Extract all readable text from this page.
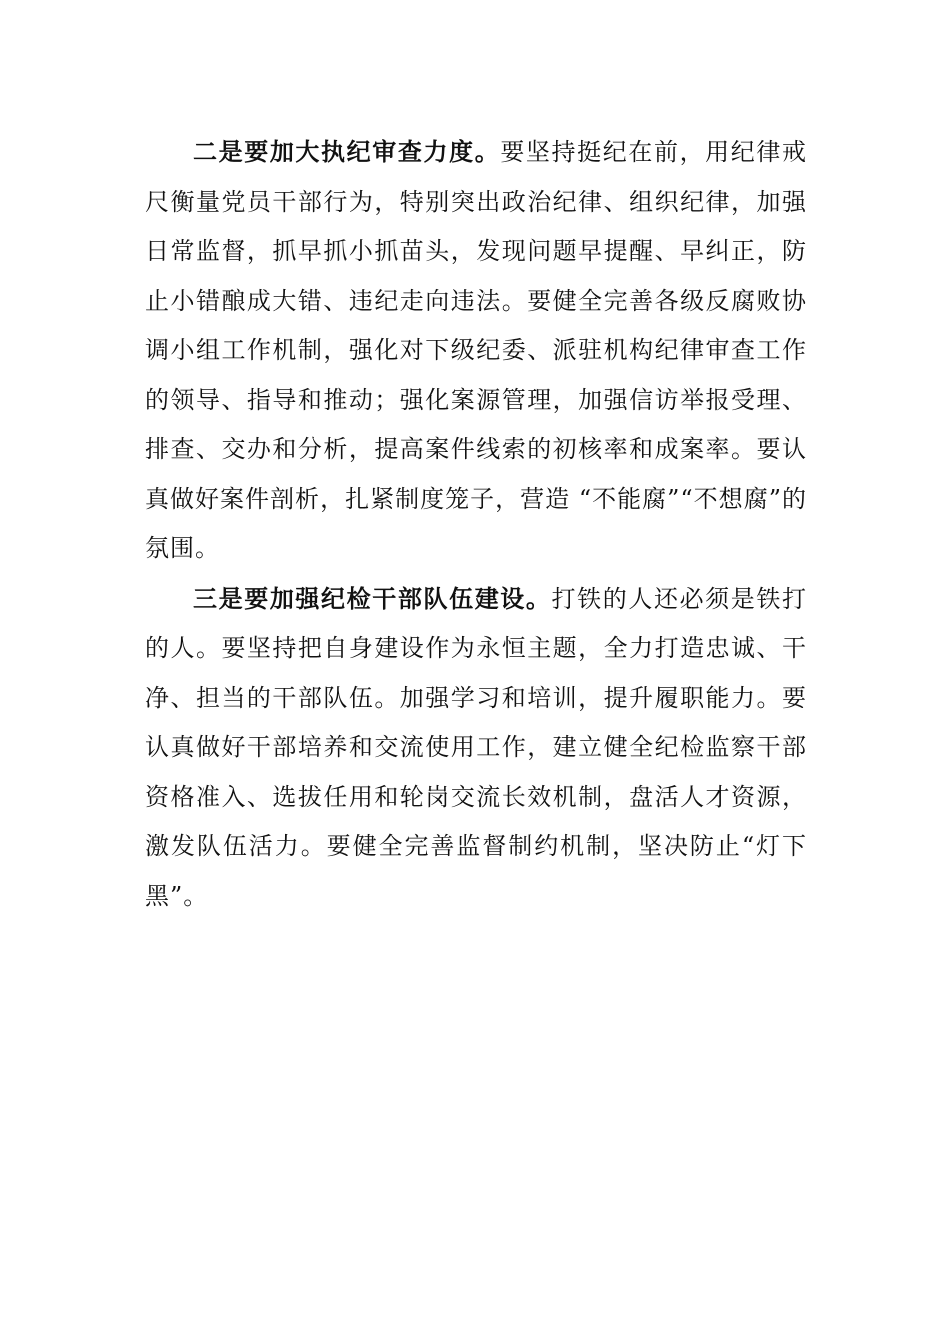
二是要加大执纪审查力度。要坚持挺纪在前，用纪律戒尺衡量党员干部行为，特别突出政治纪律、组织纪律，加强日常监督，抓早抓小抓苗头，发现问题早提醒、早纠正，防止小错酿成大错、违纪走向违法。要健全完善各级反腐败协调小组工作机制，强化对下级纪委、派驻机构纪律审查工作的领导、指导和推动；强化案源管理，加强信访举报受理、排查、交办和分析，提高案件线索的初核率和成案率。要认真做好案件剖析，扎紧制度笼子，营造 “不能腐”“不想腐”的氛围。

三是要加强纪检干部队伍建设。打铁的人还必须是铁打的人。要坚持把自身建设作为永恒主题，全力打造忠诚、干净、担当的干部队伍。加强学习和培训，提升履职能力。要认真做好干部培养和交流使用工作，建立健全纪检监察干部资格准入、选拔任用和轮岗交流长效机制，盘活人才资源，激发队伍活力。要健全完善监督制约机制，坚决防止“灯下黑”。
